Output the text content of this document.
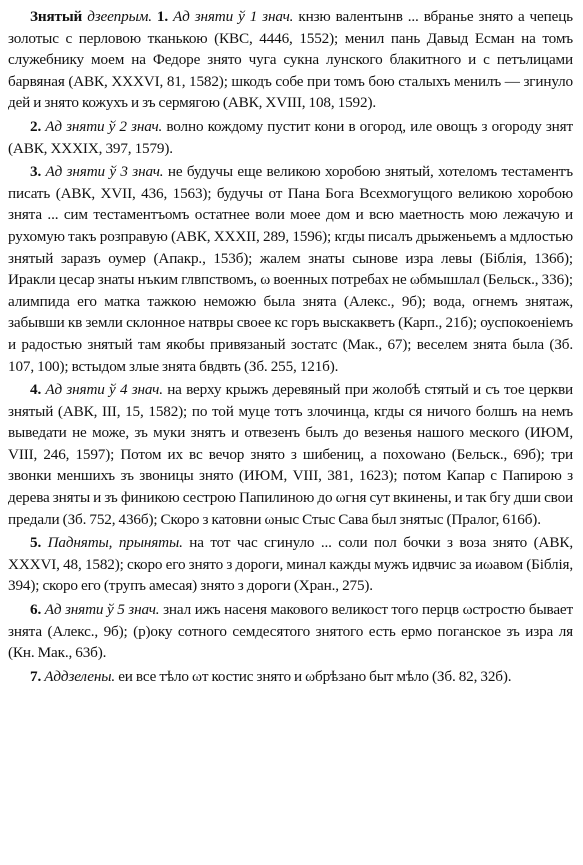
Знятый дзеепрым. 1. Ад зняти ў 1 знач. кнзю валентынв ... вбранье знято а чепець золотыс с перловою тканькою (КВС, 4446, 1552); менил пань Давыд Есман на томъ служебнику моем на Федоре знято чуга сукна лунского блакитного и с петълицами барвяная (АВК, XXXVI, 81, 1582); шкодъ собе при томъ бою сталыхъ менилъ — згинуло дей и знято кожухъ и зъ сермягою (АВК, XVIII, 108, 1592).

2. Ад зняти ў 2 знач. волно кождому пустит кони в огород, иле овощъ з огороду знят (АВК, XXXIX, 397, 1579).

3. Ад зняти ў 3 знач. не будучы еще великою хоробою знятый, хотеломъ тестаментъ писать (АВК, XVII, 436, 1563); будучы от Пана Бога Всехмогущого великою хоробою знята ... сим тестаментъомъ остатнее воли моее дом и всю маетность мою лежачую и рухомую такъ розправую (АВК, XXXII, 289, 1596); кгды писалъ дрыженьемъ а мдлостью знятый заразъ оумер (Апакр., 153б); жалем знаты сынове изра левы (Біблія, 136б); Иракли цесар знаты нъким глвпствомъ, ω военных потребах не ωбмышлал (Бельск., 336); алимпида его матка тажкою неможю была знята (Алекс., 9б); вода, огнемъ знятаж, забывши кв земли склонное натвры своее кс горъ выскакветъ (Карп., 21б); оуспокоенiемъ и радостью знятый там якобы привязаный зостатс (Мак., 67); веселем знята была (Зб. 107, 100); встыдом злые знята бвдвть (Зб. 255, 121б).

4. Ад зняти ў 4 знач. на верху крыжъ деревяный при жолобѣ стятый и съ тое церкви знятый (АВК, III, 15, 1582); по той муце тотъ злочинца, кгды ся ничого болшъ на немъ выведати не може, зъ муки знятъ и отвезенъ былъ до везенья нашого меского (ИЮМ, VIII, 246, 1597); Потом их вс вечор знято з шибениц, а похowано (Бельск., 69б); три звонки меншихъ зъ звоницы знято (ИЮМ, VIII, 381, 1623); потом Капар с Папирою з дерева зняты и зъ финикою сестрою Папилиною до ωгня сут вкинены, и так бгу дши свои предали (Зб. 752, 436б); Скоро з катовни ωныс Стыс Сава был знятыс (Пралог, 616б).

5. Падняты, прыняты. на тот час сгинуло ... соли пол бочки з воза знято (АВК, XXXVI, 48, 1582); скоро его знято з дороги, минал кажды мужъ идвчис за иωавом (Біблія, 394); скоро его (трупъ амесая) знято з дороги (Хран., 275).

6. Ад зняти ў 5 знач. знал ижъ насеня макового великост того перцв ωстростю бывает знята (Алекс., 9б); (р)оку сотного семдесятого знятого есть ермо поганское зъ изра ля (Кн. Мак., 63б).

7. Аддзелены. еи все тѣло ωт костис знято и ωбрѣзано быт мѣло (Зб. 82, 32б).
